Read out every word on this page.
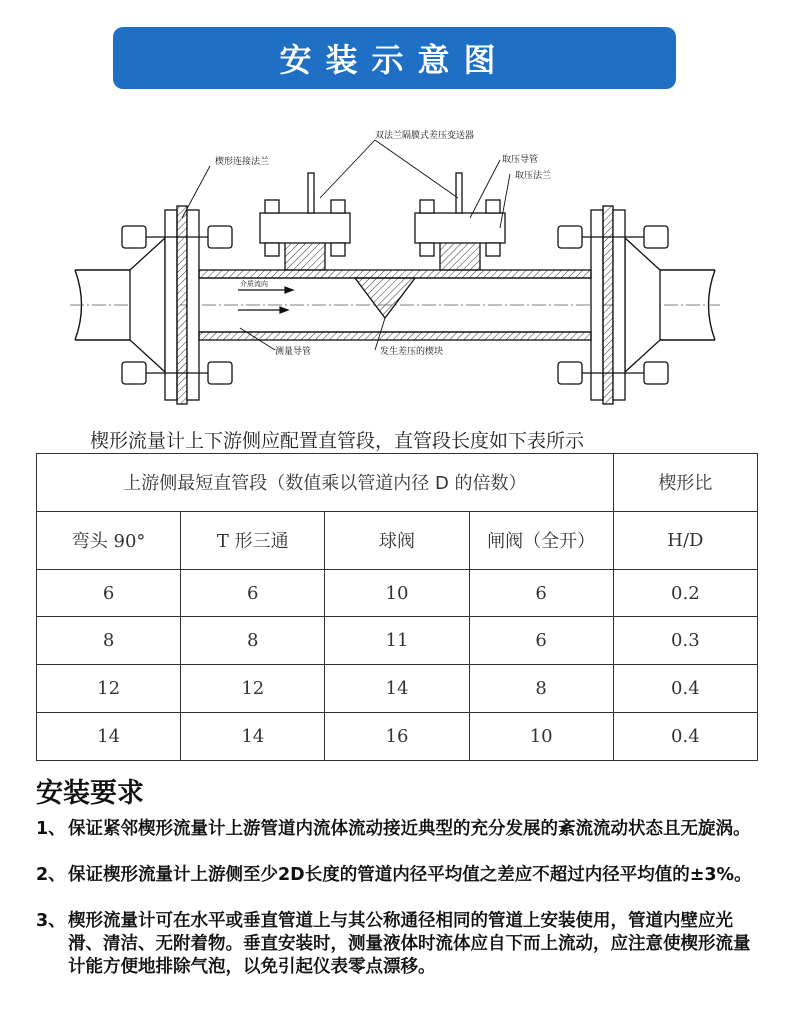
安装示意图
双法兰隔膜式差压变送器
楔形连接法兰	取压导管
取压法兰
介质流向
测量导管	发生差压的楔块
楔形流量计上下游侧应配置直管段，直管段长度如下表所示
上游侧最短直管段（数值乘以管道内径 D 的倍数）				楔形比
弯头 90°	T 形三通	球阀	闸阀（全开）	H/D
6	6	10	6	0.2
8	8	11	6	0.3
12	12	14	8	0.4
14	14	16	10	0.4
安装要求
1、 保证紧邻楔形流量计上游管道内流体流动接近典型的充分发展的紊流流动状态且无旋涡。
2、 保证楔形流量计上游侧至少2D长度的管道内径平均值之差应不超过内径平均值的±3%。
3、 楔形流量计可在水平或垂直管道上与其公称通径相同的管道上安装使用，管道内壁应光滑、清洁、无附着物。垂直安装时，测量液体时流体应自下而上流动，应注意使楔形流量计能方便地排除气泡，以免引起仪表零点漂移。
